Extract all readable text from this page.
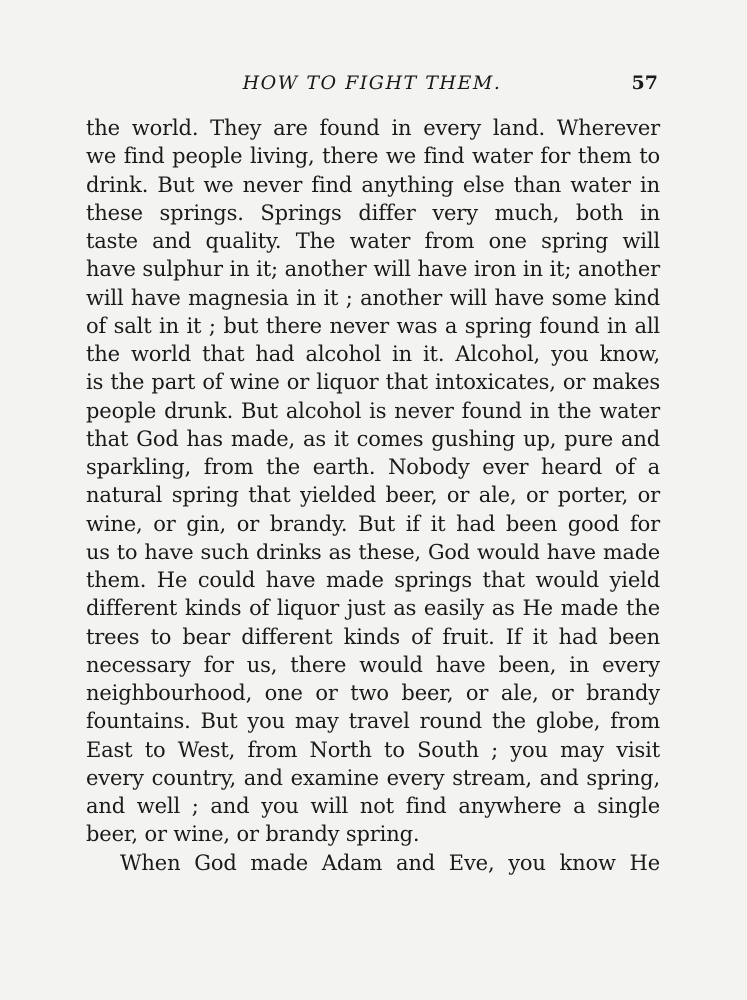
HOW TO FIGHT THEM.	57
the world. They are found in every land. Wherever
we find people living, there we find water for them to
drink. But we never find anything else than water in
these springs. Springs differ very much, both in
taste and quality. The water from one spring will
have sulphur in it; another will have iron in it; another
will have magnesia in it ; another will have some kind
of salt in it ; but there never was a spring found in all
the world that had alcohol in it. Alcohol, you know,
is the part of wine or liquor that intoxicates, or makes
people drunk. But alcohol is never found in the water
that God has made, as it comes gushing up, pure and
sparkling, from the earth. Nobody ever heard of a
natural spring that yielded beer, or ale, or porter, or
wine, or gin, or brandy. But if it had been good for
us to have such drinks as these, God would have made
them. He could have made springs that would yield
different kinds of liquor just as easily as He made the
trees to bear different kinds of fruit. If it had been
necessary for us, there would have been, in every
neighbourhood, one or two beer, or ale, or brandy
fountains. But you may travel round the globe, from
East to West, from North to South ; you may visit
every country, and examine every stream, and spring,
and well ; and you will not find anywhere a single
beer, or wine, or brandy spring.
When God made Adam and Eve, you know He
